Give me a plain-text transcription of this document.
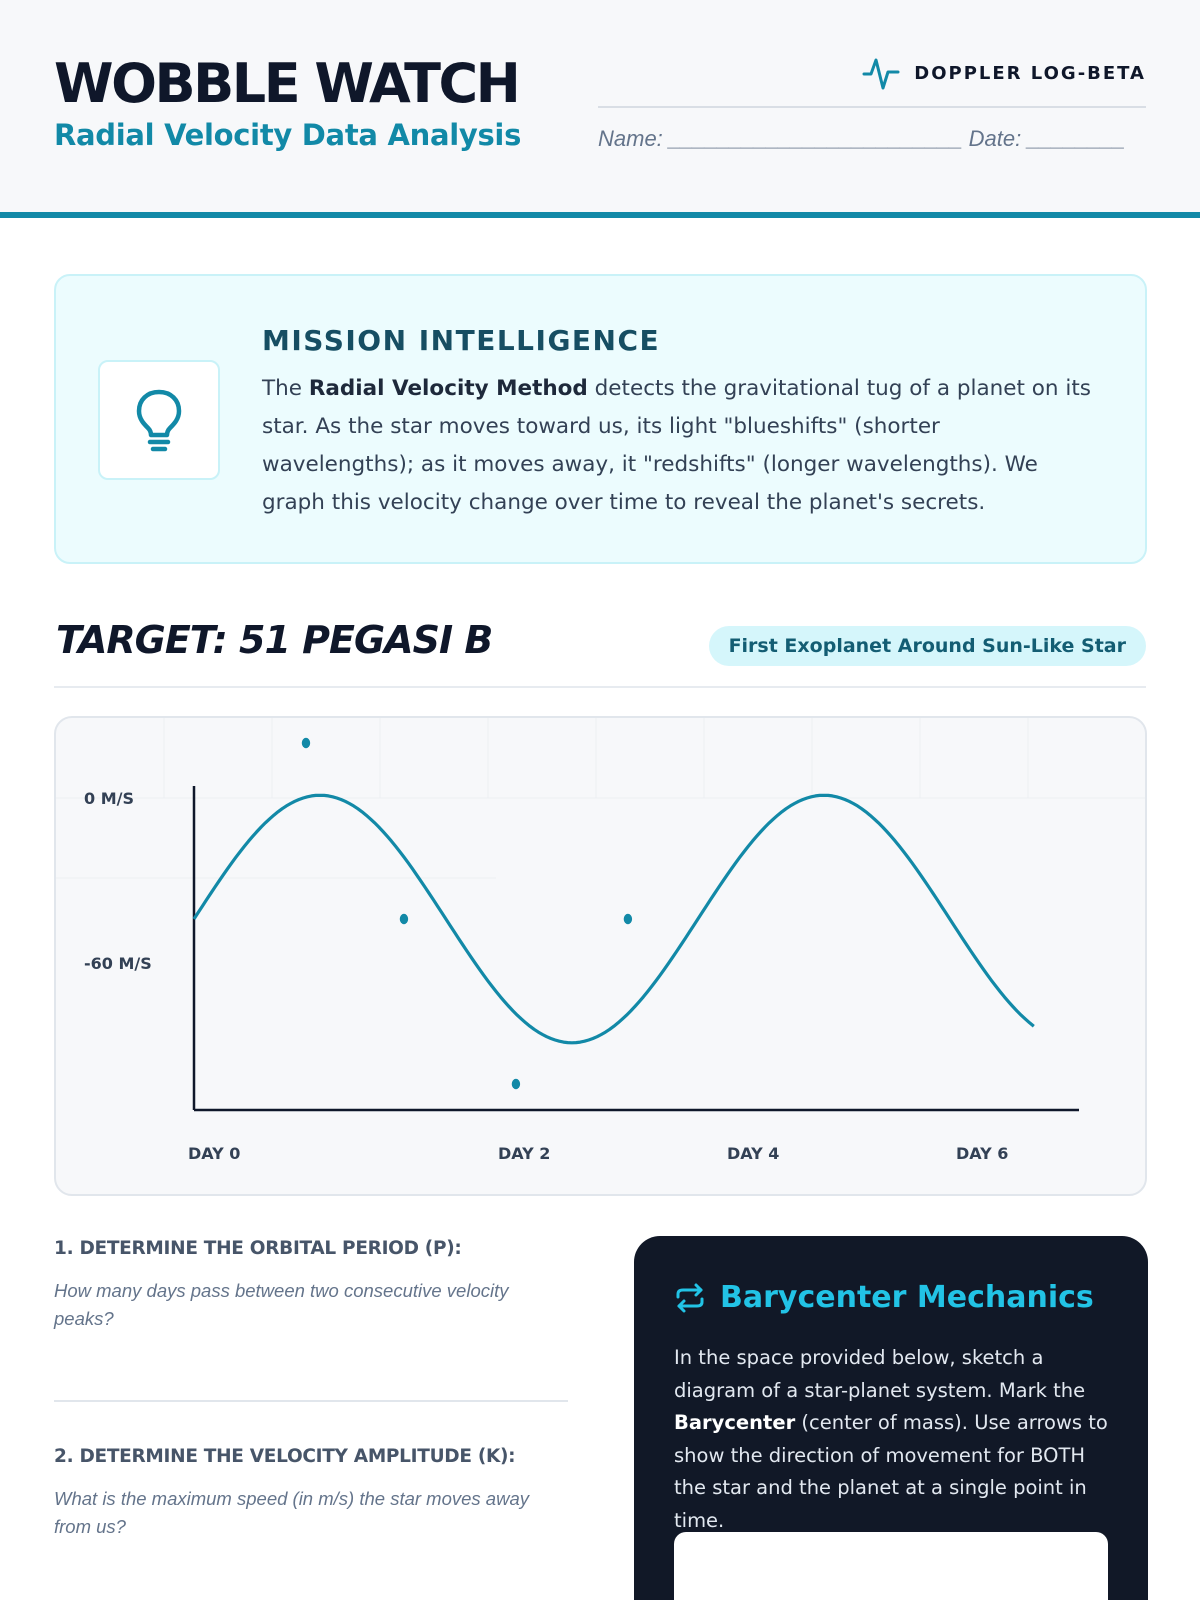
WOBBLE WATCH
Radial Velocity Data Analysis
DOPPLER LOG-BETA
Name: ________________________ Date: ________
MISSION INTELLIGENCE
The Radial Velocity Method detects the gravitational tug of a planet on its star. As the star moves toward us, its light "blueshifts" (shorter wavelengths); as it moves away, it "redshifts" (longer wavelengths). We graph this velocity change over time to reveal the planet's secrets.
TARGET: 51 PEGASI B	First Exoplanet Around Sun-Like Star
0 M/S
-60 M/S
DAY 0	DAY 2	DAY 4	DAY 6
1. DETERMINE THE ORBITAL PERIOD (P):
How many days pass between two consecutive velocity peaks?
2. DETERMINE THE VELOCITY AMPLITUDE (K):
What is the maximum speed (in m/s) the star moves away from us?
Barycenter Mechanics
In the space provided below, sketch a diagram of a star-planet system. Mark the Barycenter (center of mass). Use arrows to show the direction of movement for BOTH the star and the planet at a single point in time.
